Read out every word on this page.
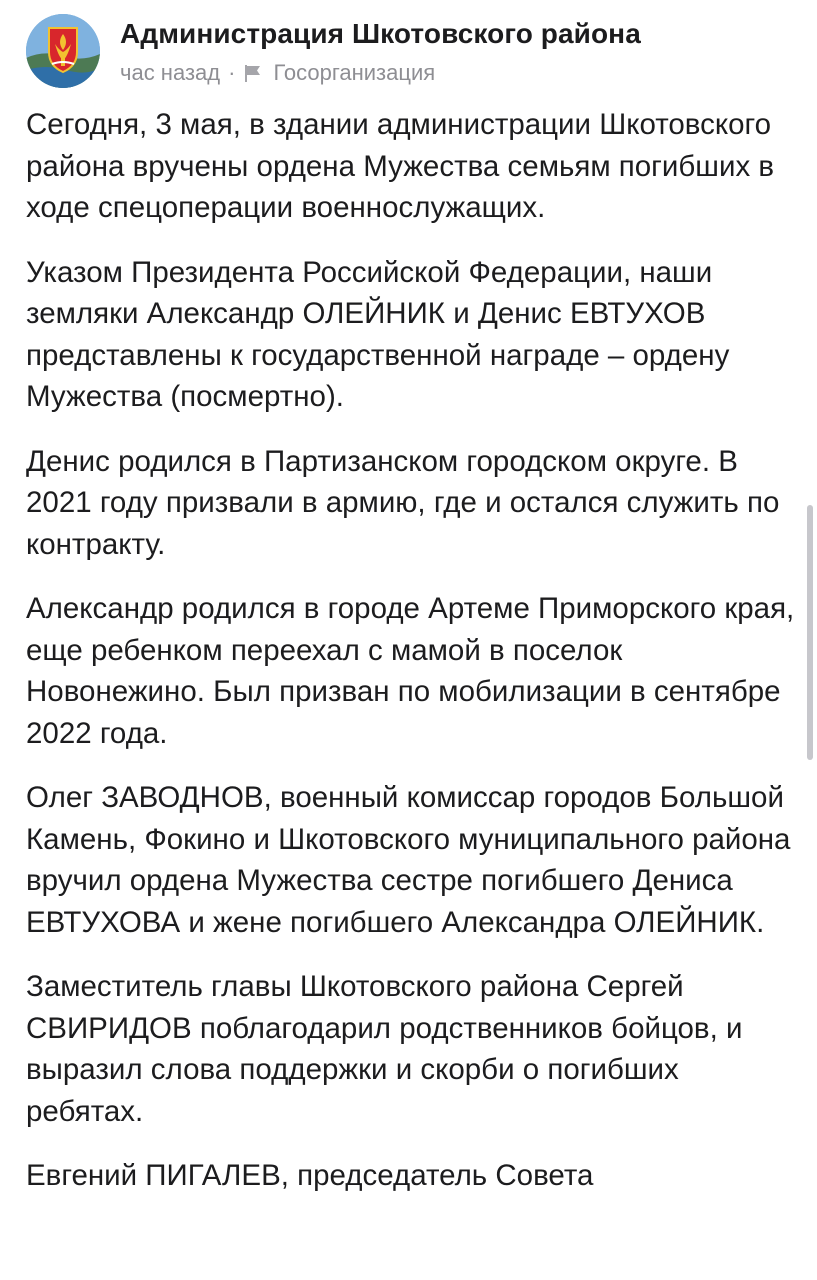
Администрация Шкотовского района
час назад · Госорганизация

Сегодня, 3 мая, в здании администрации Шкотовского района вручены ордена Мужества семьям погибших в ходе спецоперации военнослужащих.

Указом Президента Российской Федерации, наши земляки Александр ОЛЕЙНИК и Денис ЕВТУХОВ представлены к государственной награде – ордену Мужества (посмертно).

Денис родился в Партизанском городском округе. В 2021 году призвали в армию, где и остался служить по контракту.

Александр родился в городе Артеме Приморского края, еще ребенком переехал с мамой в поселок Новонежино. Был призван по мобилизации в сентябре 2022 года.

Олег ЗАВОДНОВ, военный комиссар городов Большой Камень, Фокино и Шкотовского муниципального района вручил ордена Мужества сестре погибшего Дениса ЕВТУХОВА и жене погибшего Александра ОЛЕЙНИК.

Заместитель главы Шкотовского района Сергей СВИРИДОВ поблагодарил родственников бойцов, и выразил слова поддержки и скорби о погибших ребятах.

Евгений ПИГАЛЕВ, председатель Совета
